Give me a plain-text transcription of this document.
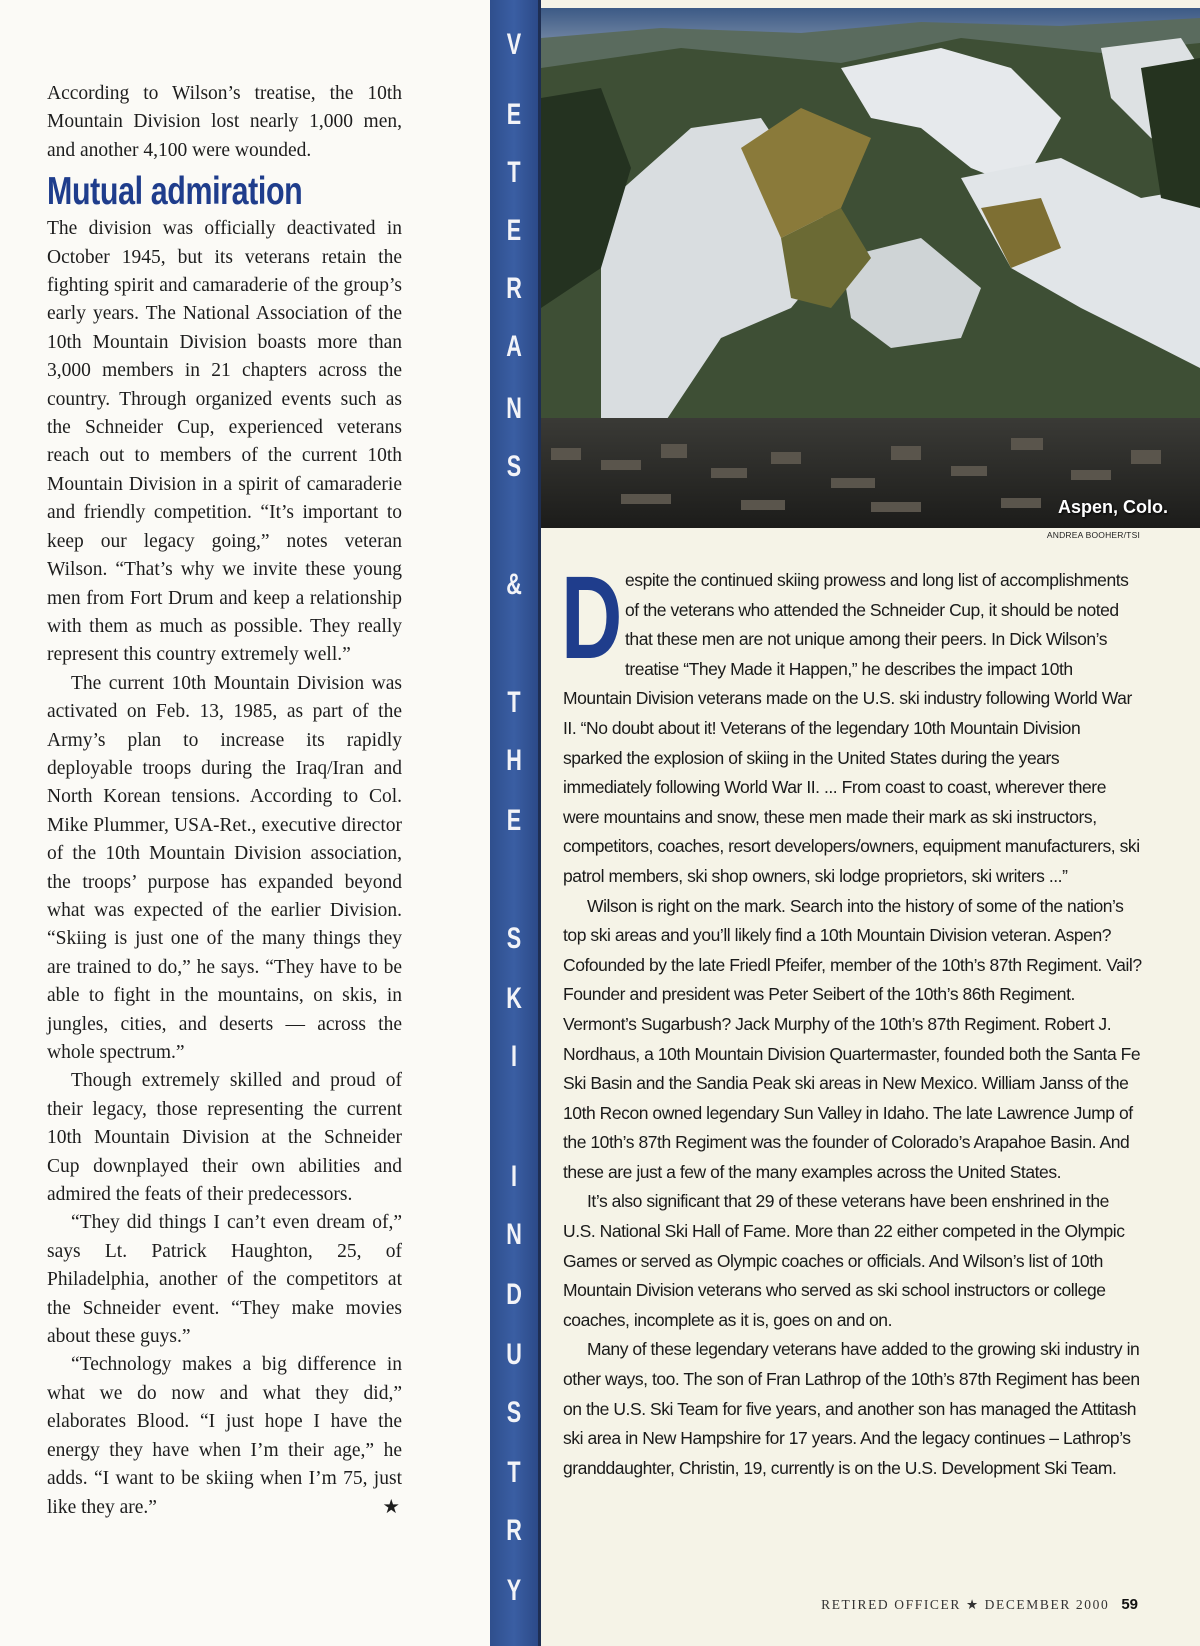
According to Wilson’s treatise, the 10th Mountain Division lost nearly 1,000 men, and another 4,100 were wounded.

Mutual admiration

The division was officially deactivated in October 1945, but its veterans retain the fighting spirit and camaraderie of the group’s early years. The National Association of the 10th Mountain Division boasts more than 3,000 members in 21 chapters across the country. Through organized events such as the Schneider Cup, experienced veterans reach out to members of the current 10th Mountain Division in a spirit of camaraderie and friendly competition. “It’s important to keep our legacy going,” notes veteran Wilson. “That’s why we invite these young men from Fort Drum and keep a relationship with them as much as possible. They really represent this country extremely well.”

The current 10th Mountain Division was activated on Feb. 13, 1985, as part of the Army’s plan to increase its rapidly deployable troops during the Iraq/Iran and North Korean tensions. According to Col. Mike Plummer, USA-Ret., executive director of the 10th Mountain Division association, the troops’ purpose has expanded beyond what was expected of the earlier Division. “Skiing is just one of the many things they are trained to do,” he says. “They have to be able to fight in the mountains, on skis, in jungles, cities, and deserts — across the whole spectrum.”

Though extremely skilled and proud of their legacy, those representing the current 10th Mountain Division at the Schneider Cup downplayed their own abilities and admired the feats of their predecessors.

“They did things I can’t even dream of,” says Lt. Patrick Haughton, 25, of Philadelphia, another of the competitors at the Schneider event. “They make movies about these guys.”

“Technology makes a big difference in what we do now and what they did,” elaborates Blood. “I just hope I have the energy they have when I’m their age,” he adds. “I want to be skiing when I’m 75, just like they are.”	★

V
E
T
E
R
A
N
S
&
T
H
E
S
K
I
I
N
D
U
S
T
R
Y
Aspen, Colo.
ANDREA BOOHER/TSI

Despite the continued skiing prowess and long list of accomplishments of the veterans who attended the Schneider Cup, it should be noted that these men are not unique among their peers. In Dick Wilson’s treatise “They Made it Happen,” he describes the impact 10th Mountain Division veterans made on the U.S. ski industry following World War II. “No doubt about it! Veterans of the legendary 10th Mountain Division sparked the explosion of skiing in the United States during the years immediately following World War II. ... From coast to coast, wherever there were mountains and snow, these men made their mark as ski instructors, competitors, coaches, resort developers/owners, equipment manufacturers, ski patrol members, ski shop owners, ski lodge proprietors, ski writers ...”

Wilson is right on the mark. Search into the history of some of the nation’s top ski areas and you’ll likely find a 10th Mountain Division veteran. Aspen? Cofounded by the late Friedl Pfeifer, member of the 10th’s 87th Regiment. Vail? Founder and president was Peter Seibert of the 10th’s 86th Regiment. Vermont’s Sugarbush? Jack Murphy of the 10th’s 87th Regiment. Robert J. Nordhaus, a 10th Mountain Division Quartermaster, founded both the Santa Fe Ski Basin and the Sandia Peak ski areas in New Mexico. William Janss of the 10th Recon owned legendary Sun Valley in Idaho. The late Lawrence Jump of the 10th’s 87th Regiment was the founder of Colorado’s Arapahoe Basin. And these are just a few of the many examples across the United States.

It’s also significant that 29 of these veterans have been enshrined in the U.S. National Ski Hall of Fame. More than 22 either competed in the Olympic Games or served as Olympic coaches or officials. And Wilson’s list of 10th Mountain Division veterans who served as ski school instructors or college coaches, incomplete as it is, goes on and on.

Many of these legendary veterans have added to the growing ski industry in other ways, too. The son of Fran Lathrop of the 10th’s 87th Regiment has been on the U.S. Ski Team for five years, and another son has managed the Attitash ski area in New Hampshire for 17 years. And the legacy continues – Lathrop’s granddaughter, Christin, 19, currently is on the U.S. Development Ski Team.

RETIRED OFFICER ★ DECEMBER 2000 59
